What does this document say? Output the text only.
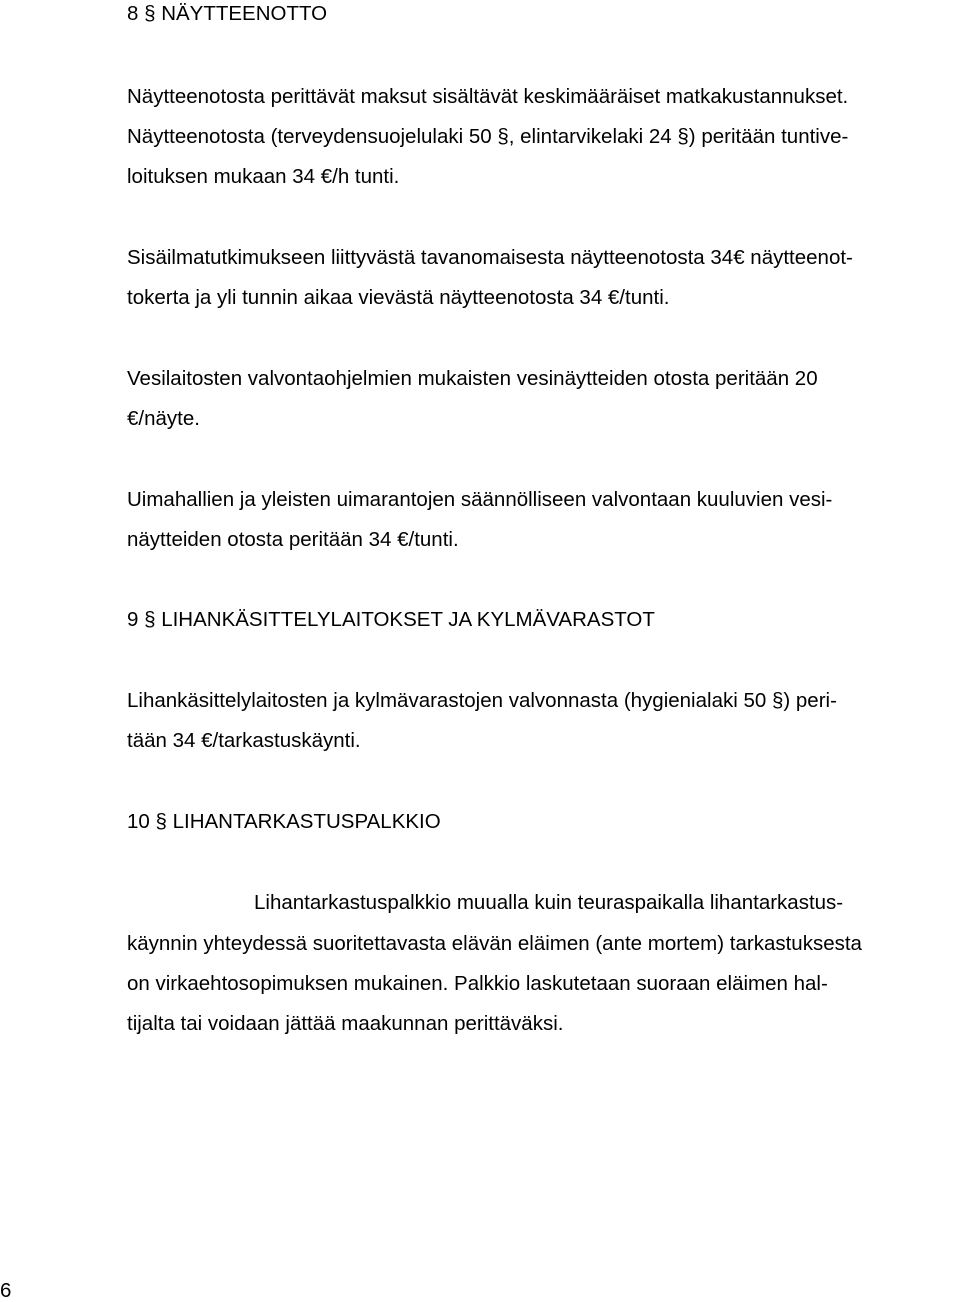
8 § NÄYTTEENOTTO
Näytteenotosta perittävät maksut sisältävät keskimääräiset matkakustannukset.
Näytteenotosta (terveydensuojelulaki 50 §, elintarvikelaki 24 §) peritään tuntive-
loituksen mukaan 34 €/h tunti.
Sisäilmatutkimukseen liittyvästä tavanomaisesta näytteenotosta 34€ näytteenot-
tokerta ja yli tunnin aikaa vievästä näytteenotosta 34 €/tunti.
Vesilaitosten valvontaohjelmien mukaisten vesinäytteiden otosta peritään 20
€/näyte.
Uimahallien ja yleisten uimarantojen säännölliseen valvontaan kuuluvien vesi-
näytteiden otosta peritään 34 €/tunti.
9 § LIHANKÄSITTELYLAITOKSET JA KYLMÄVARASTOT
Lihankäsittelylaitosten ja kylmävarastojen valvonnasta (hygienialaki 50 §) peri-
tään 34 €/tarkastuskäynti.
10 § LIHANTARKASTUSPALKKIO
Lihantarkastuspalkkio muualla kuin teuraspaikalla lihantarkastus-
käynnin yhteydessä suoritettavasta elävän eläimen (ante mortem) tarkastuksesta
on virkaehtosopimuksen mukainen. Palkkio laskutetaan suoraan eläimen hal-
tijalta tai voidaan jättää maakunnan perittäväksi.
6
